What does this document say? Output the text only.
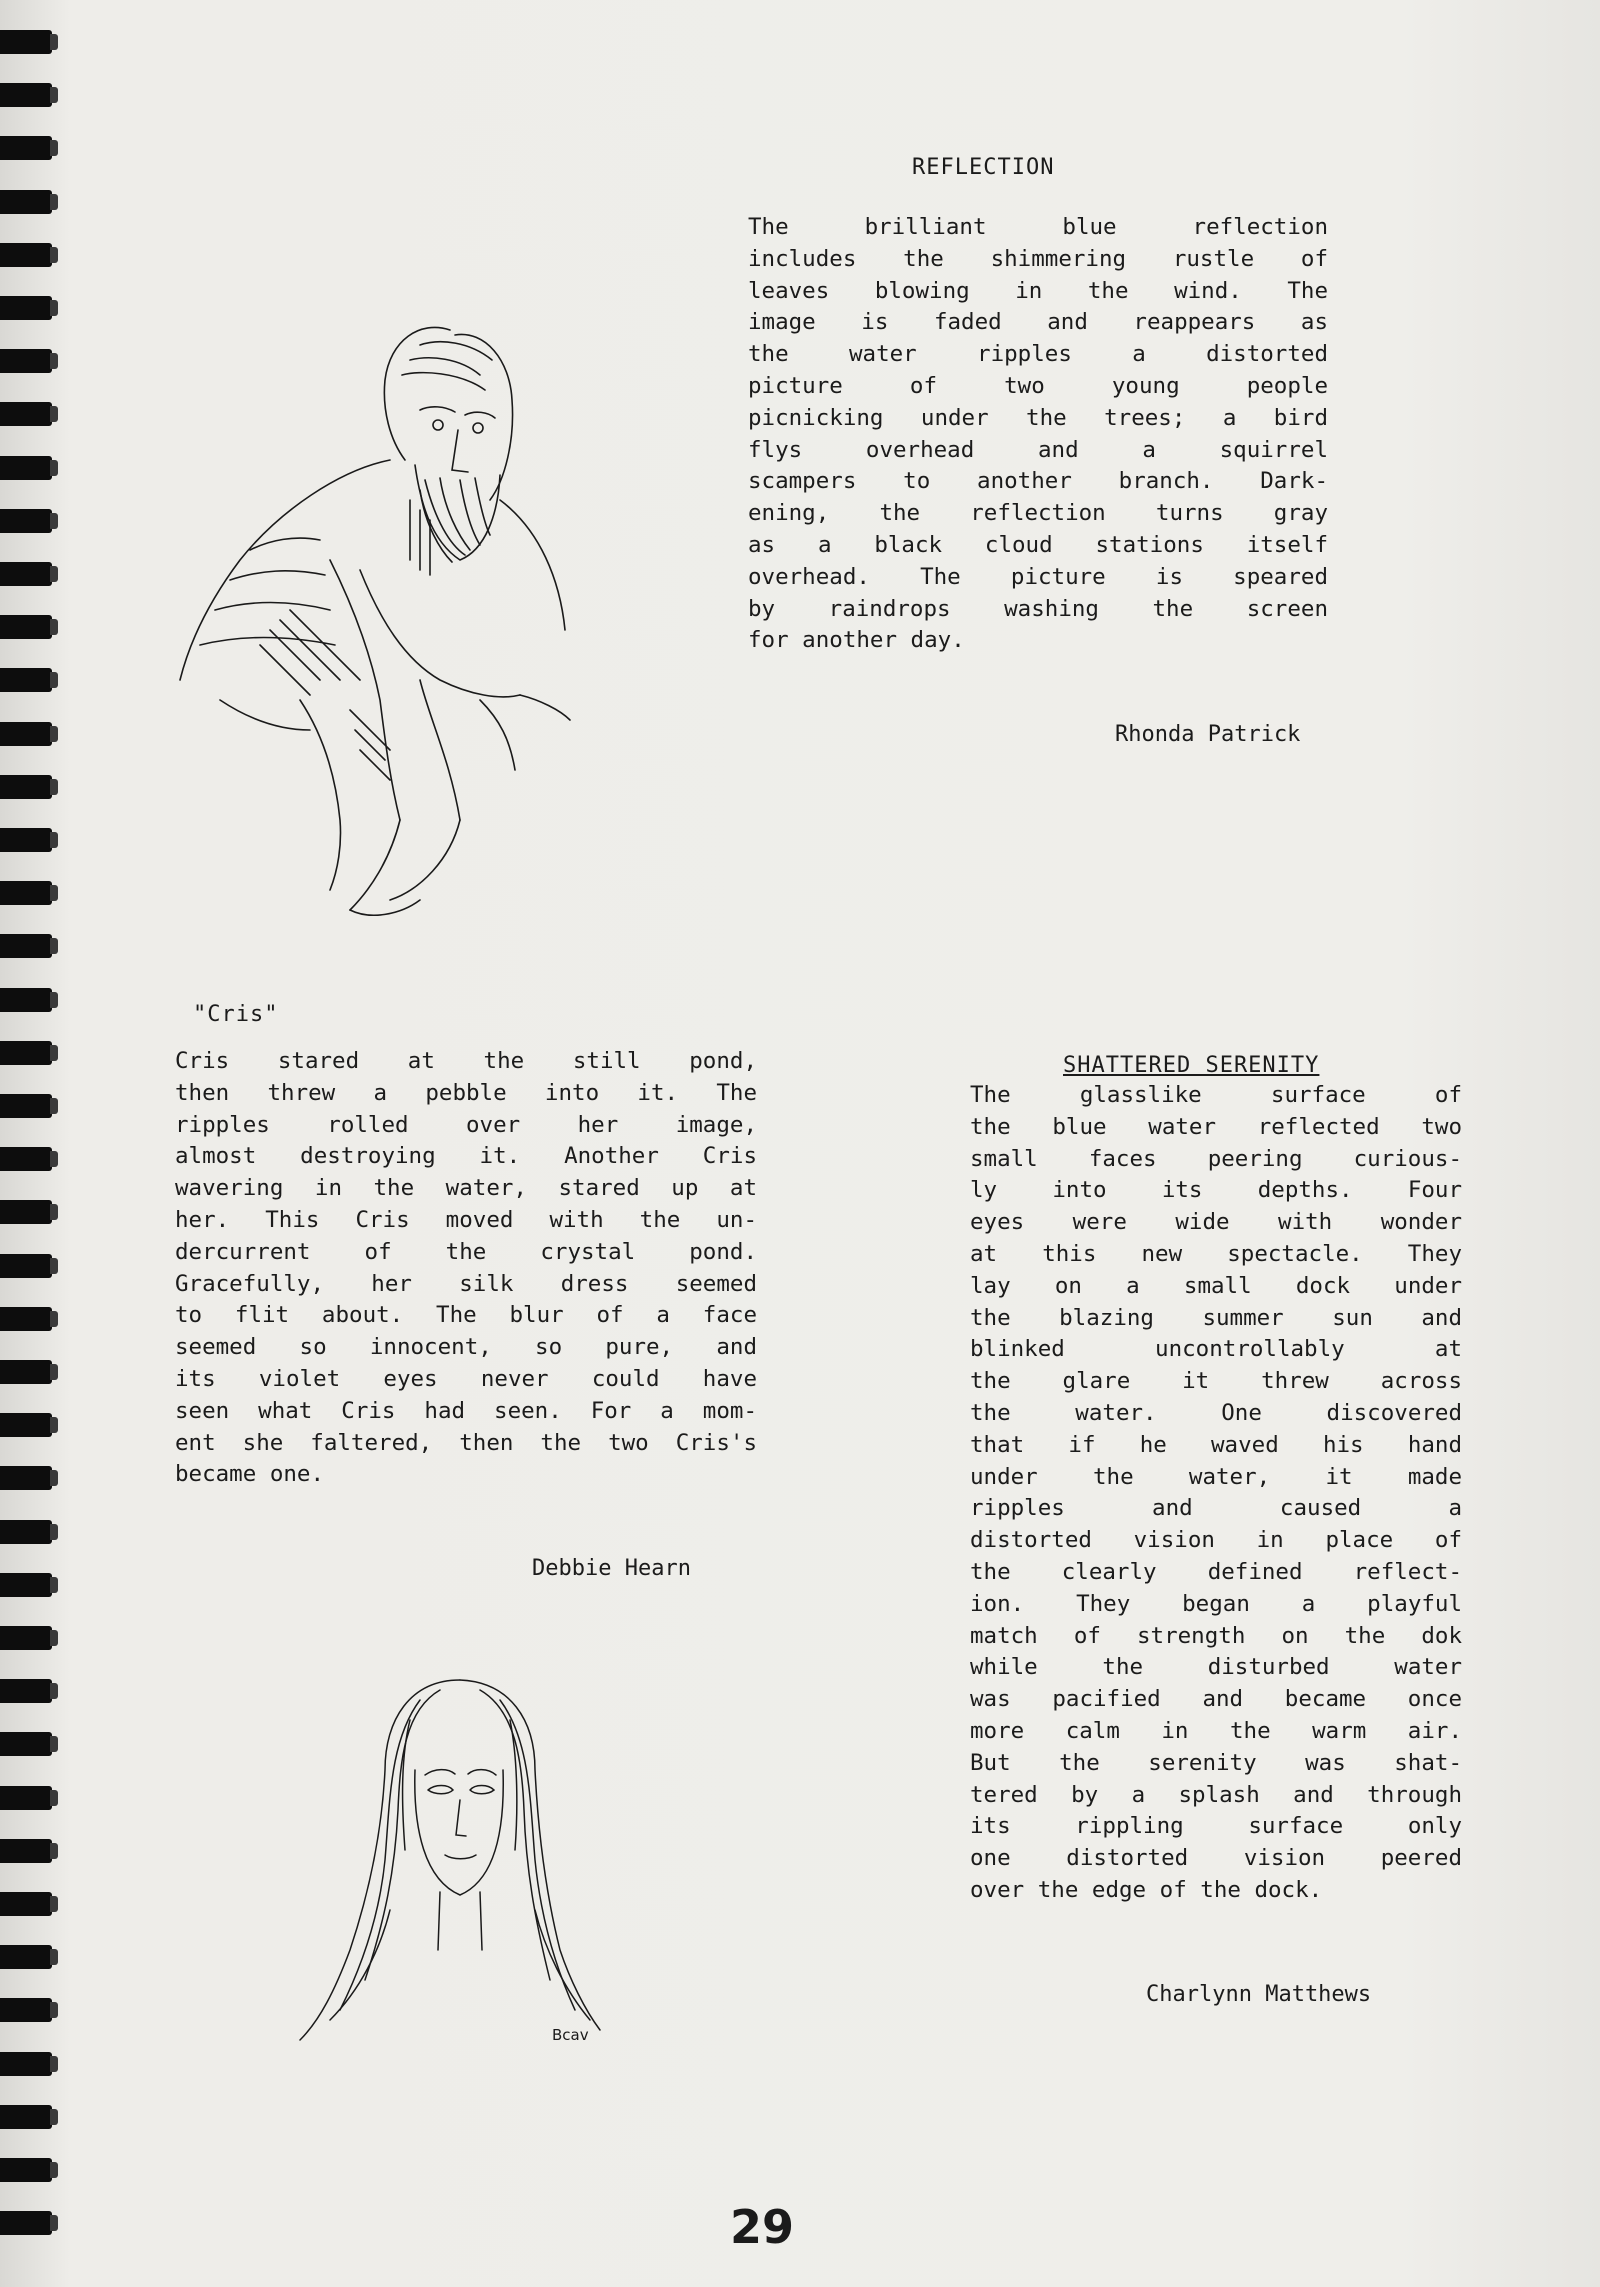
Bcav
REFLECTION
The brilliant blue reflection
includes the shimmering rustle of
leaves blowing in the wind. The
image is faded and reappears as
the water ripples a distorted
picture of two young people
picnicking under the trees; a bird
flys overhead and a squirrel
scampers to another branch. Dark-
ening, the reflection turns gray
as a black cloud stations itself
overhead. The picture is speared
by raindrops washing the screen
for another day.
Rhonda Patrick
"Cris"
Cris stared at the still pond,
then threw a pebble into it. The
ripples rolled over her image,
almost destroying it. Another Cris
wavering in the water, stared up at
her. This Cris moved with the un-
dercurrent of the crystal pond.
Gracefully, her silk dress seemed
to flit about. The blur of a face
seemed so innocent, so pure, and
its violet eyes never could have
seen what Cris had seen. For a mom-
ent she faltered, then the two Cris's
became one.
Debbie Hearn
SHATTERED SERENITY
The glasslike surface of
the blue water reflected two
small faces peering curious-
ly into its depths. Four
eyes were wide with wonder
at this new spectacle. They
lay on a small dock under
the blazing summer sun and
blinked uncontrollably at
the glare it threw across
the water. One discovered
that if he waved his hand
under the water, it made
ripples and caused a
distorted vision in place of
the clearly defined reflect-
ion. They began a playful
match of strength on the dok
while the disturbed water
was pacified and became once
more calm in the warm air.
But the serenity was shat-
tered by a splash and through
its rippling surface only
one distorted vision peered
over the edge of the dock.
Charlynn Matthews
29
